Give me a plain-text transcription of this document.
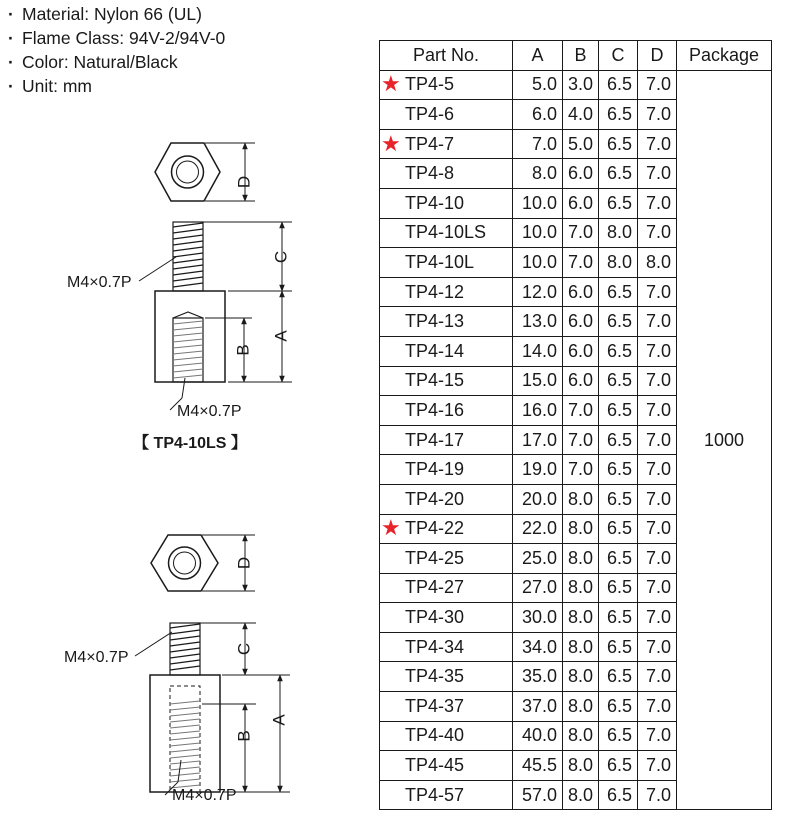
· Material: Nylon 66 (UL)
· Flame Class: 94V-2/94V-0
· Color: Natural/Black
· Unit: mm
D
C
B
A
M4×0.7P
M4×0.7P
【 TP4-10LS 】
D
C
B
A
M4×0.7P
M4×0.7P
Part No.	A	B	C	D	Package
★ TP4-5	5.0	3.0	6.5	7.0	1000
TP4-6	6.0	4.0	6.5	7.0	
★ TP4-7	7.0	5.0	6.5	7.0	
TP4-8	8.0	6.0	6.5	7.0	
TP4-10	10.0	6.0	6.5	7.0	
TP4-10LS	10.0	7.0	8.0	7.0	
TP4-10L	10.0	7.0	8.0	8.0	
TP4-12	12.0	6.0	6.5	7.0	
TP4-13	13.0	6.0	6.5	7.0	
TP4-14	14.0	6.0	6.5	7.0	
TP4-15	15.0	6.0	6.5	7.0	
TP4-16	16.0	7.0	6.5	7.0	
TP4-17	17.0	7.0	6.5	7.0	
TP4-19	19.0	7.0	6.5	7.0	
TP4-20	20.0	8.0	6.5	7.0	
★ TP4-22	22.0	8.0	6.5	7.0	
TP4-25	25.0	8.0	6.5	7.0	
TP4-27	27.0	8.0	6.5	7.0	
TP4-30	30.0	8.0	6.5	7.0	
TP4-34	34.0	8.0	6.5	7.0	
TP4-35	35.0	8.0	6.5	7.0	
TP4-37	37.0	8.0	6.5	7.0	
TP4-40	40.0	8.0	6.5	7.0	
TP4-45	45.5	8.0	6.5	7.0	
TP4-57	57.0	8.0	6.5	7.0	
